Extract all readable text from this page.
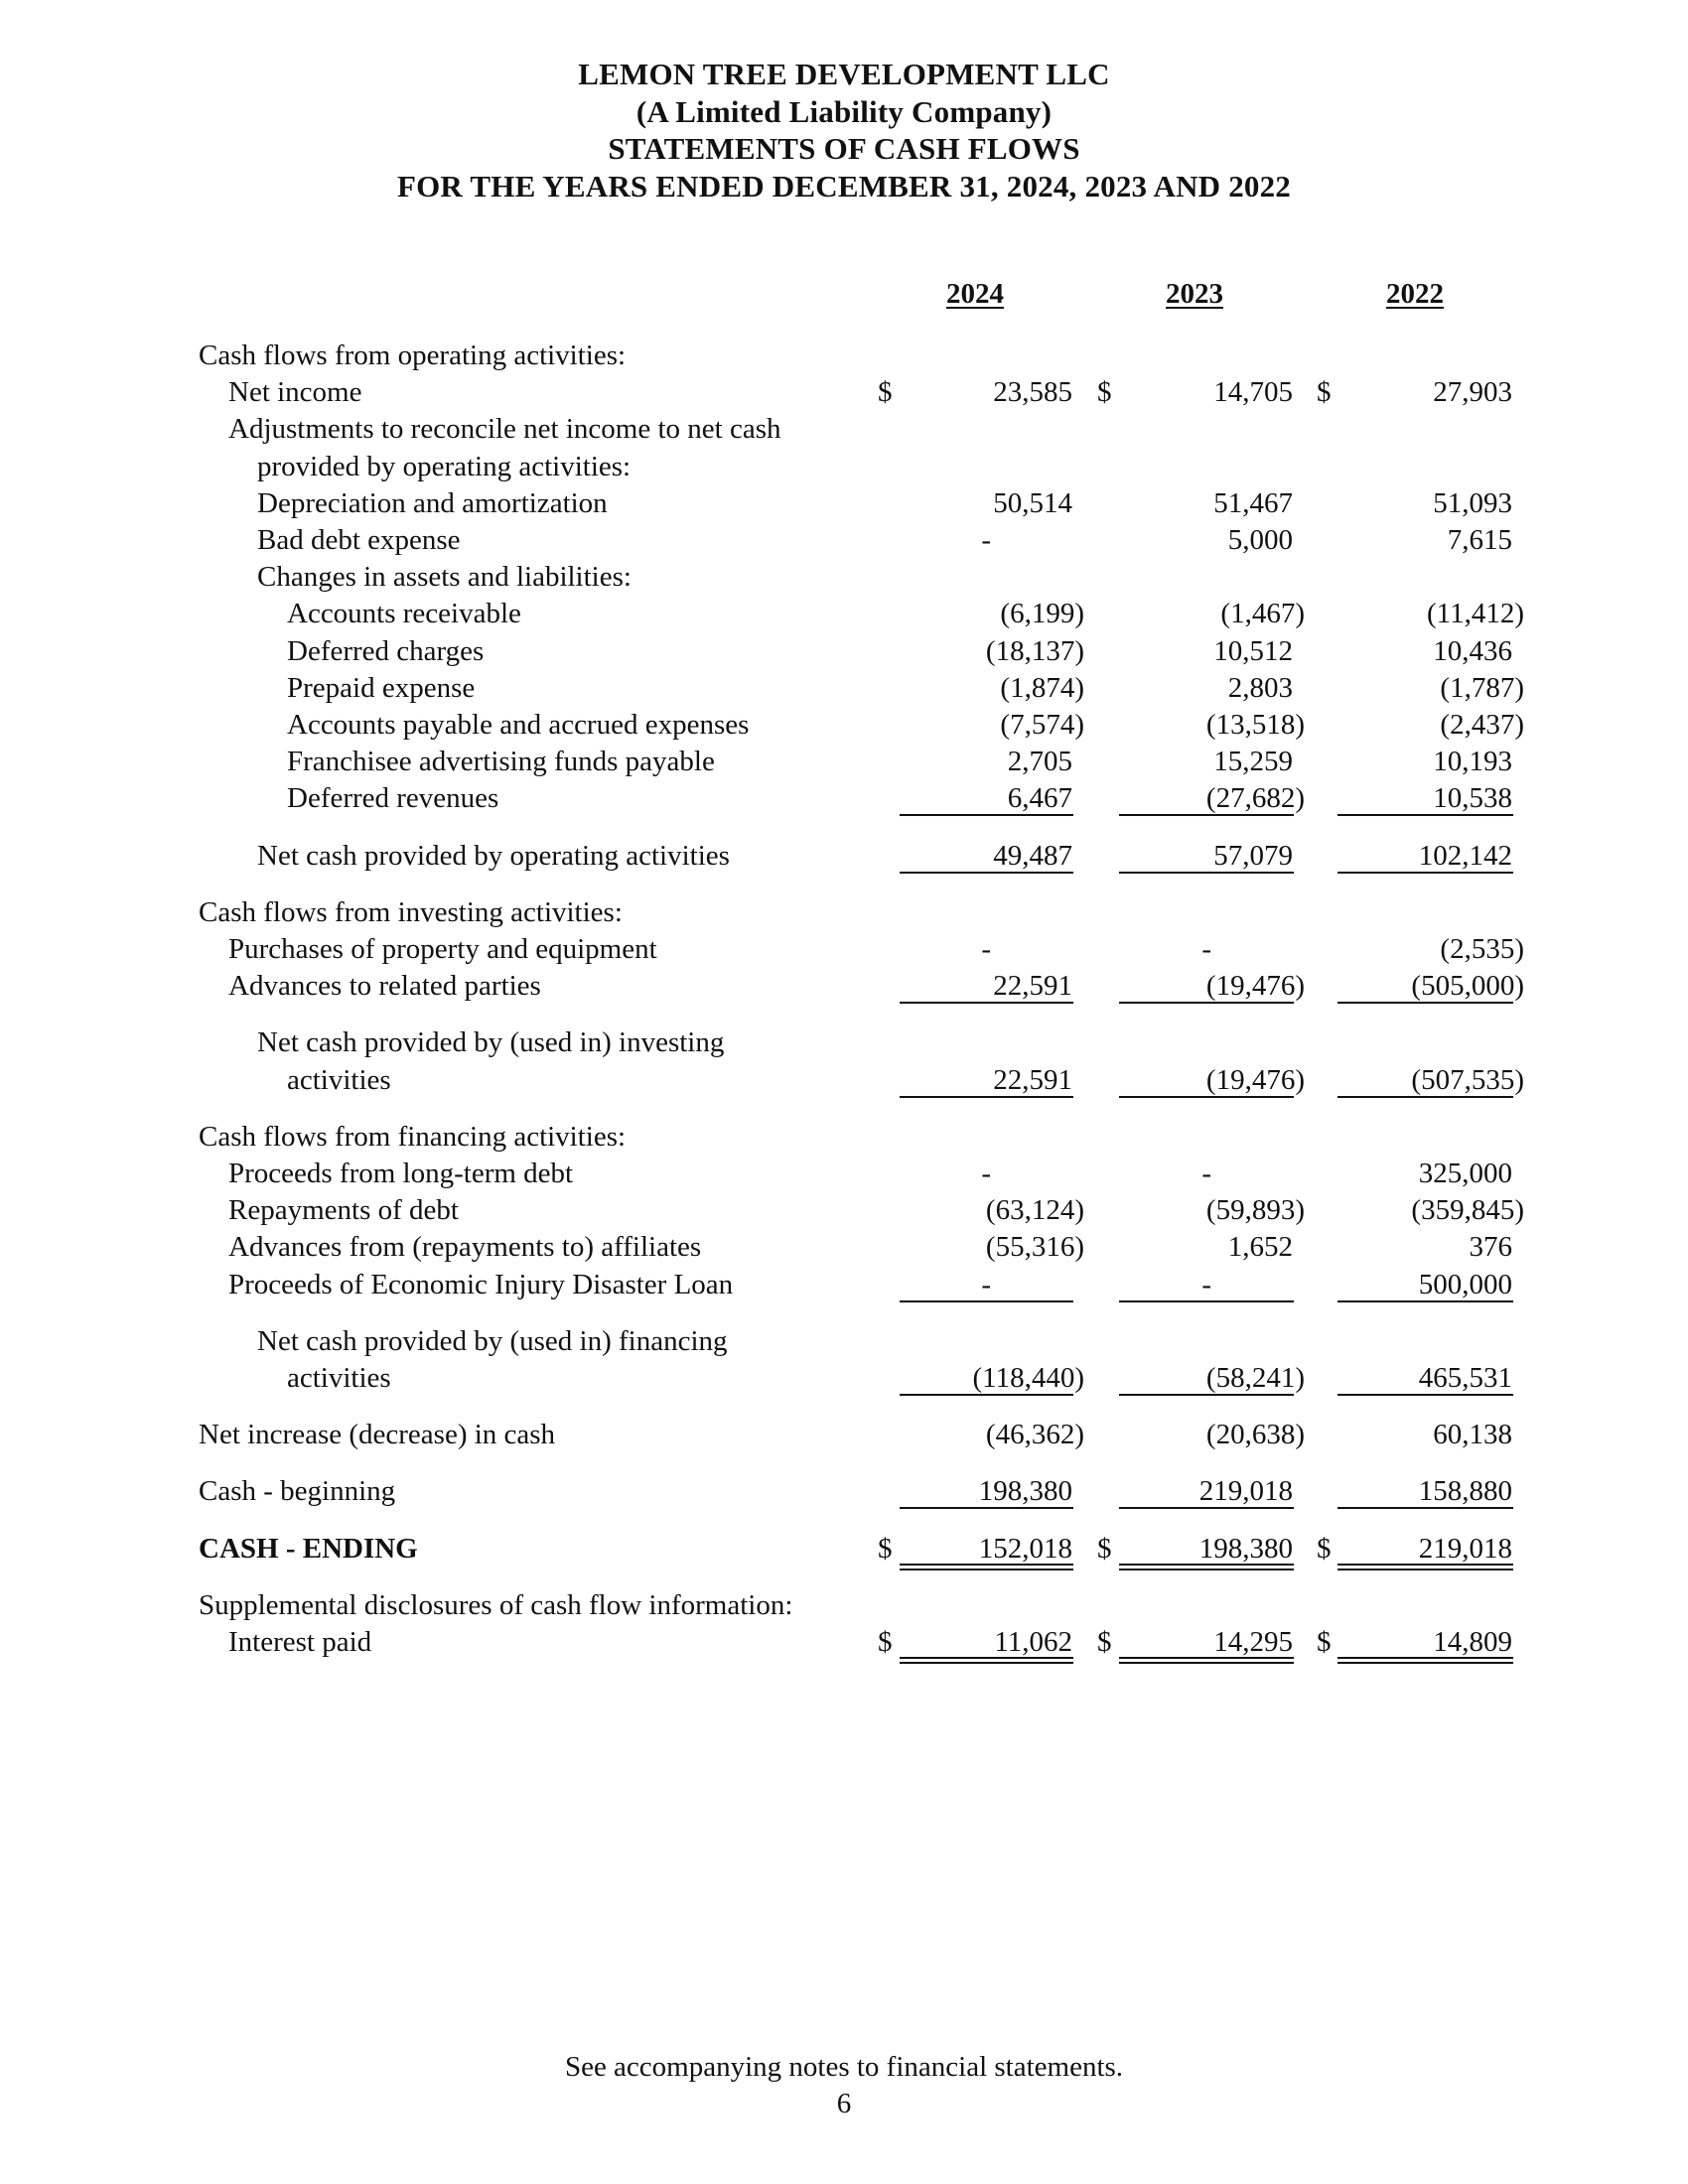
LEMON TREE DEVELOPMENT LLC
(A Limited Liability Company)
STATEMENTS OF CASH FLOWS
FOR THE YEARS ENDED DECEMBER 31, 2024, 2023 AND 2022
2024	2023	2022
Cash flows from operating activities:
Net income	$	23,585 $	14,705 $	27,903
Adjustments to reconcile net income to net cash
provided by operating activities:
Depreciation and amortization	50,514	51,467	51,093
Bad debt expense	-	5,000	7,615
Changes in assets and liabilities:
Accounts receivable	(6,199)	(1,467)	(11,412)
Deferred charges	(18,137)	10,512	10,436
Prepaid expense	(1,874)	2,803	(1,787)
Accounts payable and accrued expenses	(7,574)	(13,518)	(2,437)
Franchisee advertising funds payable	2,705	15,259	10,193
Deferred revenues	6,467	(27,682)	10,538
Net cash provided by operating activities	49,487	57,079	102,142
Cash flows from investing activities:
Purchases of property and equipment	-	-	(2,535)
Advances to related parties	22,591	(19,476)	(505,000)
Net cash provided by (used in) investing
activities	22,591	(19,476)	(507,535)
Cash flows from financing activities:
Proceeds from long-term debt	-	-	325,000
Repayments of debt	(63,124)	(59,893)	(359,845)
Advances from (repayments to) affiliates	(55,316)	1,652	376
Proceeds of Economic Injury Disaster Loan	-	-	500,000
Net cash provided by (used in) financing
activities	(118,440)	(58,241)	465,531
Net increase (decrease) in cash	(46,362)	(20,638)	60,138
Cash - beginning	198,380	219,018	158,880
CASH - ENDING	$	152,018 $	198,380 $	219,018
Supplemental disclosures of cash flow information:
Interest paid	$	11,062 $	14,295 $	14,809
See accompanying notes to financial statements.
6
